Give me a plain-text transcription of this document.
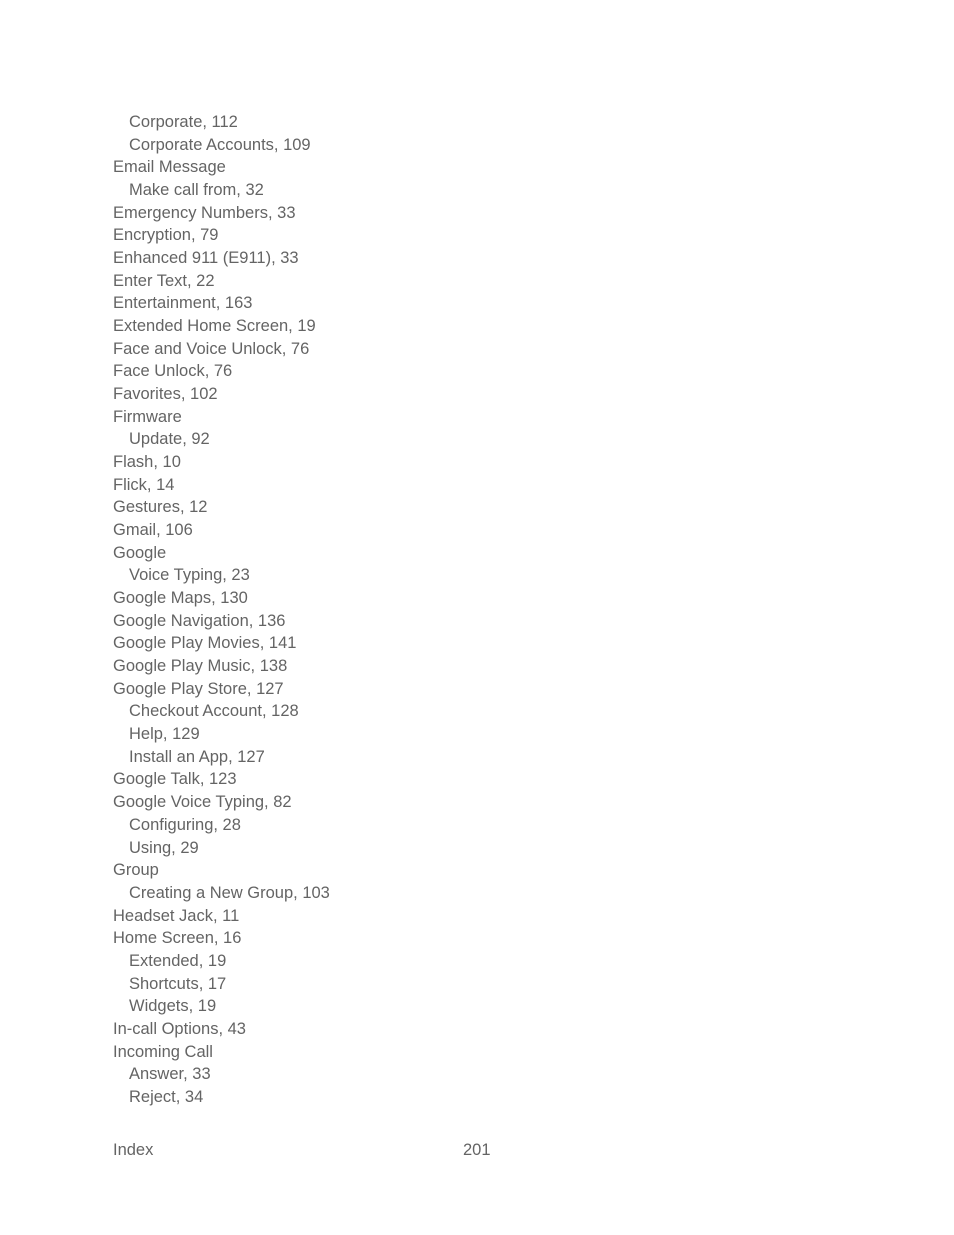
Corporate, 112
Corporate Accounts, 109
Email Message
Make call from, 32
Emergency Numbers, 33
Encryption, 79
Enhanced 911 (E911), 33
Enter Text, 22
Entertainment, 163
Extended Home Screen, 19
Face and Voice Unlock, 76
Face Unlock, 76
Favorites, 102
Firmware
Update, 92
Flash, 10
Flick, 14
Gestures, 12
Gmail, 106
Google
Voice Typing, 23
Google Maps, 130
Google Navigation, 136
Google Play Movies, 141
Google Play Music, 138
Google Play Store, 127
Checkout Account, 128
Help, 129
Install an App, 127
Google Talk, 123
Google Voice Typing, 82
Configuring, 28
Using, 29
Group
Creating a New Group, 103
Headset Jack, 11
Home Screen, 16
Extended, 19
Shortcuts, 17
Widgets, 19
In-call Options, 43
Incoming Call
Answer, 33
Reject, 34
Index	201
